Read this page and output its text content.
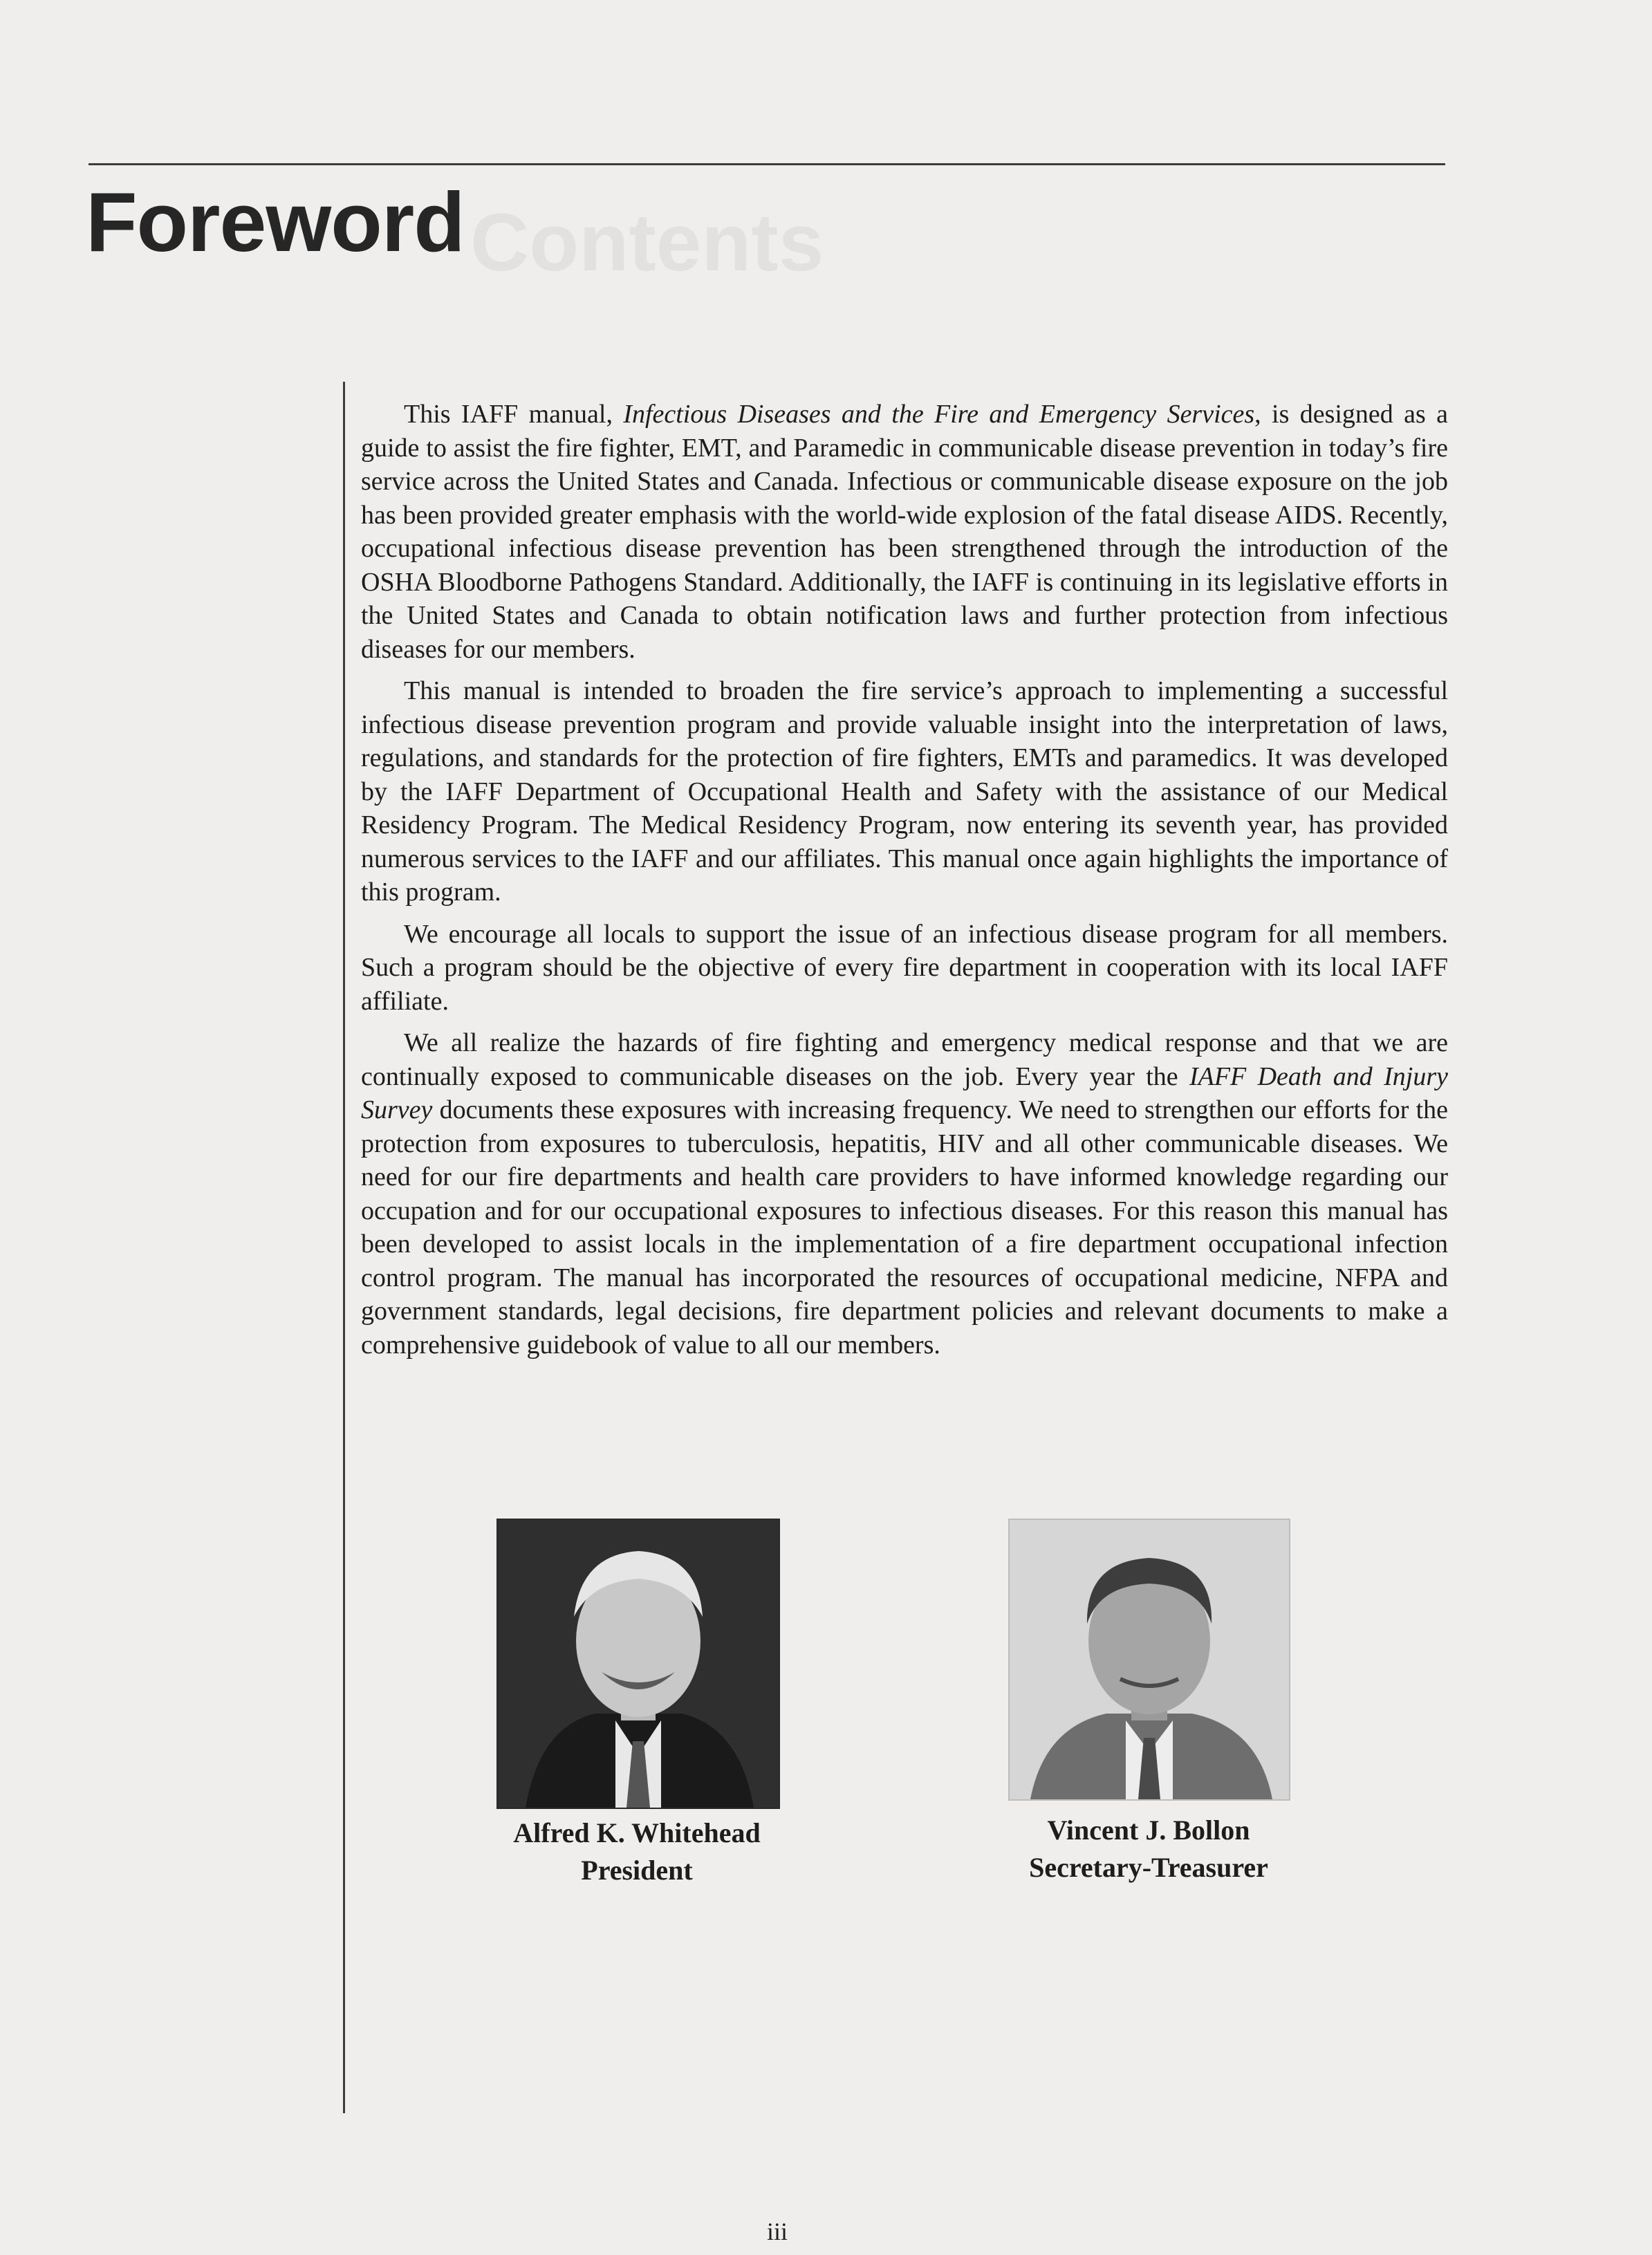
Contents
Foreword

This IAFF manual, Infectious Diseases and the Fire and Emergency Services, is designed as a guide to assist the fire fighter, EMT, and Paramedic in communicable disease prevention in today’s fire service across the United States and Canada. Infectious or communicable disease exposure on the job has been provided greater emphasis with the world-wide explosion of the fatal disease AIDS. Recently, occupational infectious disease prevention has been strengthened through the introduction of the OSHA Bloodborne Pathogens Standard. Additionally, the IAFF is continuing in its legislative efforts in the United States and Canada to obtain notification laws and further protection from infectious diseases for our members.

This manual is intended to broaden the fire service’s approach to implementing a successful infectious disease prevention program and provide valuable insight into the interpretation of laws, regulations, and standards for the protection of fire fighters, EMTs and paramedics. It was developed by the IAFF Department of Occupational Health and Safety with the assistance of our Medical Residency Program. The Medical Residency Program, now entering its seventh year, has provided numerous services to the IAFF and our affiliates. This manual once again highlights the importance of this program.

We encourage all locals to support the issue of an infectious disease program for all members. Such a program should be the objective of every fire department in cooperation with its local IAFF affiliate.

We all realize the hazards of fire fighting and emergency medical response and that we are continually exposed to communicable diseases on the job. Every year the IAFF Death and Injury Survey documents these exposures with increasing frequency. We need to strengthen our efforts for the protection from exposures to tuberculosis, hepatitis, HIV and all other communicable diseases. We need for our fire departments and health care providers to have informed knowledge regarding our occupation and for our occupational exposures to infectious diseases. For this reason this manual has been developed to assist locals in the implementation of a fire department occupational infection control program. The manual has incorporated the resources of occupational medicine, NFPA and government standards, legal decisions, fire department policies and relevant documents to make a comprehensive guidebook of value to all our members.

Alfred K. Whitehead
President
Vincent J. Bollon
Secretary-Treasurer
iii
